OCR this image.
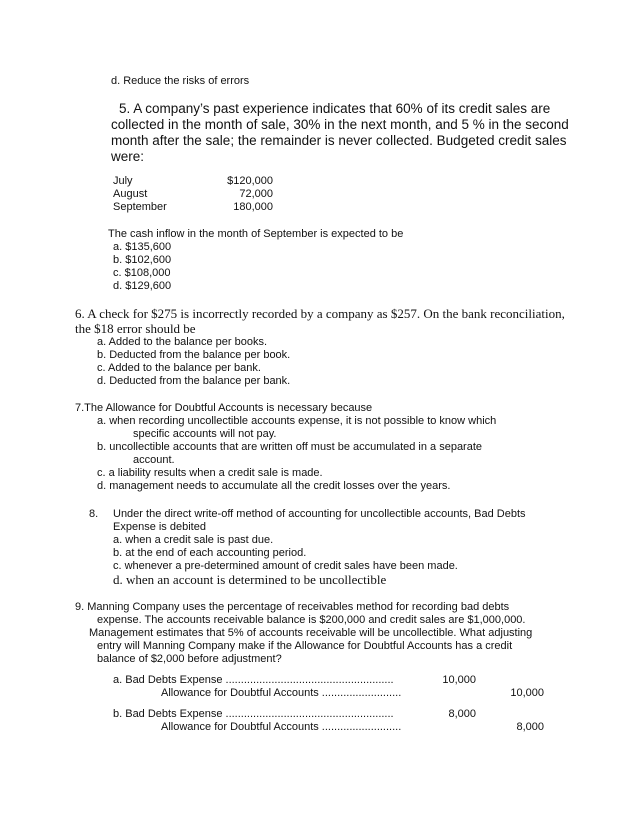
d. Reduce the risks of errors
5. A company’s past experience indicates that 60% of its credit sales are
collected in the month of sale, 30% in the next month, and 5 % in the second
month after the sale; the remainder is never collected. Budgeted credit sales
were:
July	$120,000
August	72,000
September	180,000
The cash inflow in the month of September is expected to be
a. $135,600
b. $102,600
c. $108,000
d. $129,600
6. A check for $275 is incorrectly recorded by a company as $257. On the bank reconciliation,
the $18 error should be
a. Added to the balance per books.
b. Deducted from the balance per book.
c. Added to the balance per bank.
d. Deducted from the balance per bank.
7.The Allowance for Doubtful Accounts is necessary because
a. when recording uncollectible accounts expense, it is not possible to know which
specific accounts will not pay.
b. uncollectible accounts that are written off must be accumulated in a separate
account.
c. a liability results when a credit sale is made.
d. management needs to accumulate all the credit losses over the years.
8. Under the direct write-off method of accounting for uncollectible accounts, Bad Debts
Expense is debited
a. when a credit sale is past due.
b. at the end of each accounting period.
c. whenever a pre-determined amount of credit sales have been made.
d. when an account is determined to be uncollectible
9. Manning Company uses the percentage of receivables method for recording bad debts
expense. The accounts receivable balance is $200,000 and credit sales are $1,000,000.
Management estimates that 5% of accounts receivable will be uncollectible. What adjusting
entry will Manning Company make if the Allowance for Doubtful Accounts has a credit
balance of $2,000 before adjustment?
a. Bad Debts Expense .......................................................	10,000
Allowance for Doubtful Accounts ..........................	10,000
b. Bad Debts Expense .......................................................	8,000
Allowance for Doubtful Accounts ..........................	8,000
